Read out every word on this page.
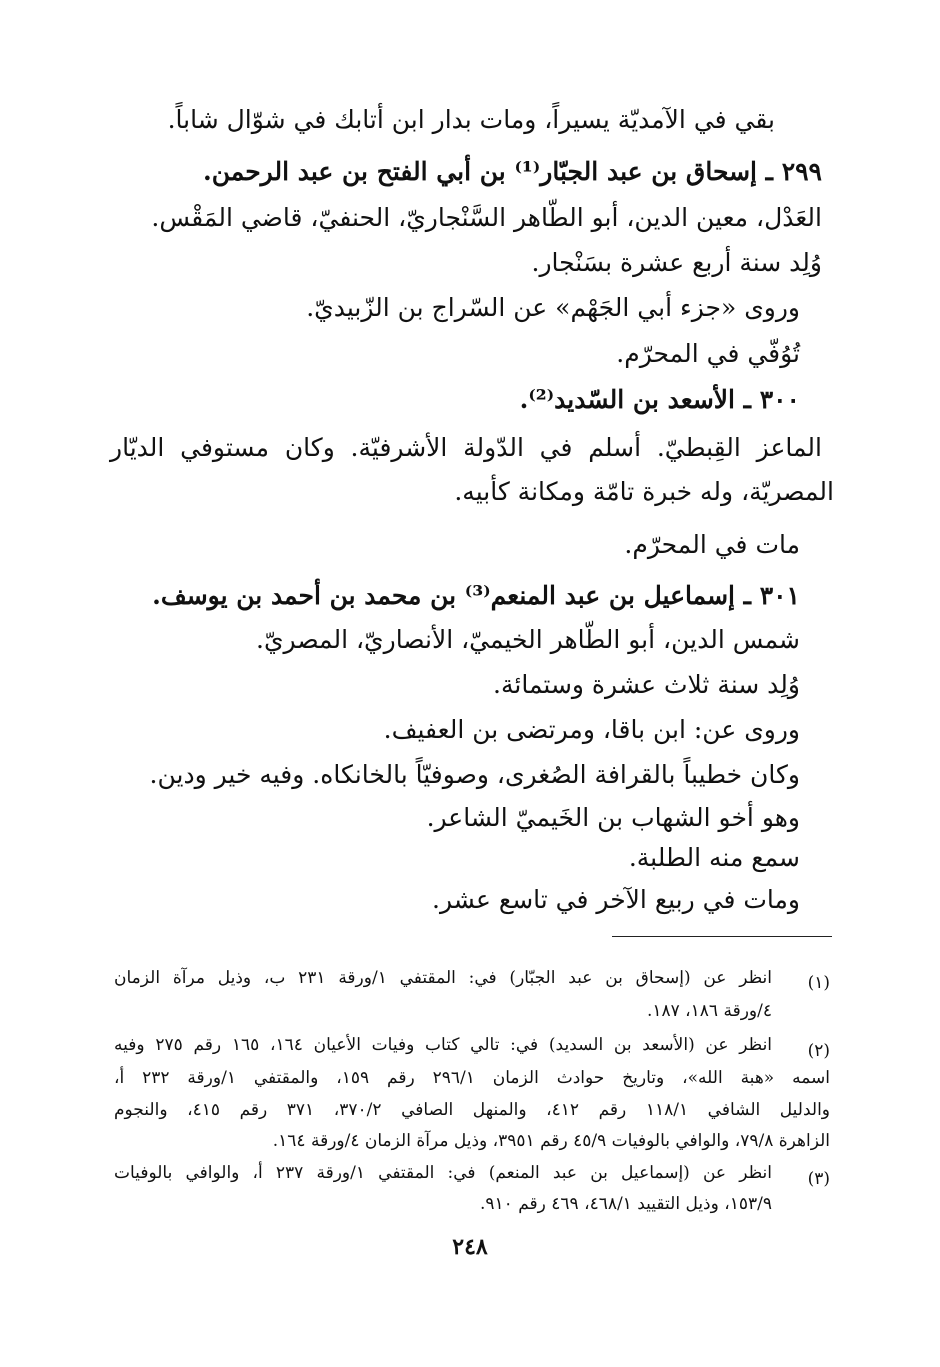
بقي في الآمديّة يسيراً، ومات بدار ابن أتابك في شوّال شاباً.
٢٩٩ ـ إسحاق بن عبد الجبّار⁽¹⁾ بن أبي الفتح بن عبد الرحمن.
العَدْل، معين الدين، أبو الطّاهر السَّنْجاريّ، الحنفيّ، قاضي المَقْس.
وُلِد سنة أربع عشرة بسَنْجار.
وروى «جزء أبي الجَهْم» عن السّراج بن الزّبيديّ.
تُوُفّي في المحرّم.
٣٠٠ ـ الأسعد بن السّديد⁽²⁾.
الماعز القِبطيّ. أسلم في الدّولة الأشرفيّة. وكان مستوفي الديّار
المصريّة، وله خبرة تامّة ومكانة كأبيه.
مات في المحرّم.
٣٠١ ـ إسماعيل بن عبد المنعم⁽³⁾ بن محمد بن أحمد بن يوسف.
شمس الدين، أبو الطّاهر الخيميّ، الأنصاريّ، المصريّ.
وُلِد سنة ثلاث عشرة وستمائة.
وروى عن: ابن باقا، ومرتضى بن العفيف.
وكان خطيباً بالقرافة الصُغرى، وصوفيّاً بالخانكاه. وفيه خير ودين.
وهو أخو الشهاب بن الخَيميّ الشاعر.
سمع منه الطلبة.
ومات في ربيع الآخر في تاسع عشر.
(١)
انظر عن (إسحاق بن عبد الجبّار) في: المقتفي ١/ورقة ٢٣١ ب، وذيل مرآة الزمان
٤/ورقة ١٨٦، ١٨٧.
(٢)
انظر عن (الأسعد بن السديد) في: تالي كتاب وفيات الأعيان ١٦٤، ١٦٥ رقم ٢٧٥ وفيه
اسمه «هبة الله»، وتاريخ حوادث الزمان ٢٩٦/١ رقم ١٥٩، والمقتفي ١/ورقة ٢٣٢ أ،
والدليل الشافي ١١٨/١ رقم ٤١٢، والمنهل الصافي ٣٧٠/٢، ٣٧١ رقم ٤١٥، والنجوم
الزاهرة ٧٩/٨، والوافي بالوفيات ٤٥/٩ رقم ٣٩٥١، وذيل مرآة الزمان ٤/ورقة ١٦٤.
(٣)
انظر عن (إسماعيل بن عبد المنعم) في: المقتفي ١/ورقة ٢٣٧ أ، والوافي بالوفيات
١٥٣/٩، وذيل التقييد ٤٦٨/١، ٤٦٩ رقم ٩١٠.
٢٤٨
